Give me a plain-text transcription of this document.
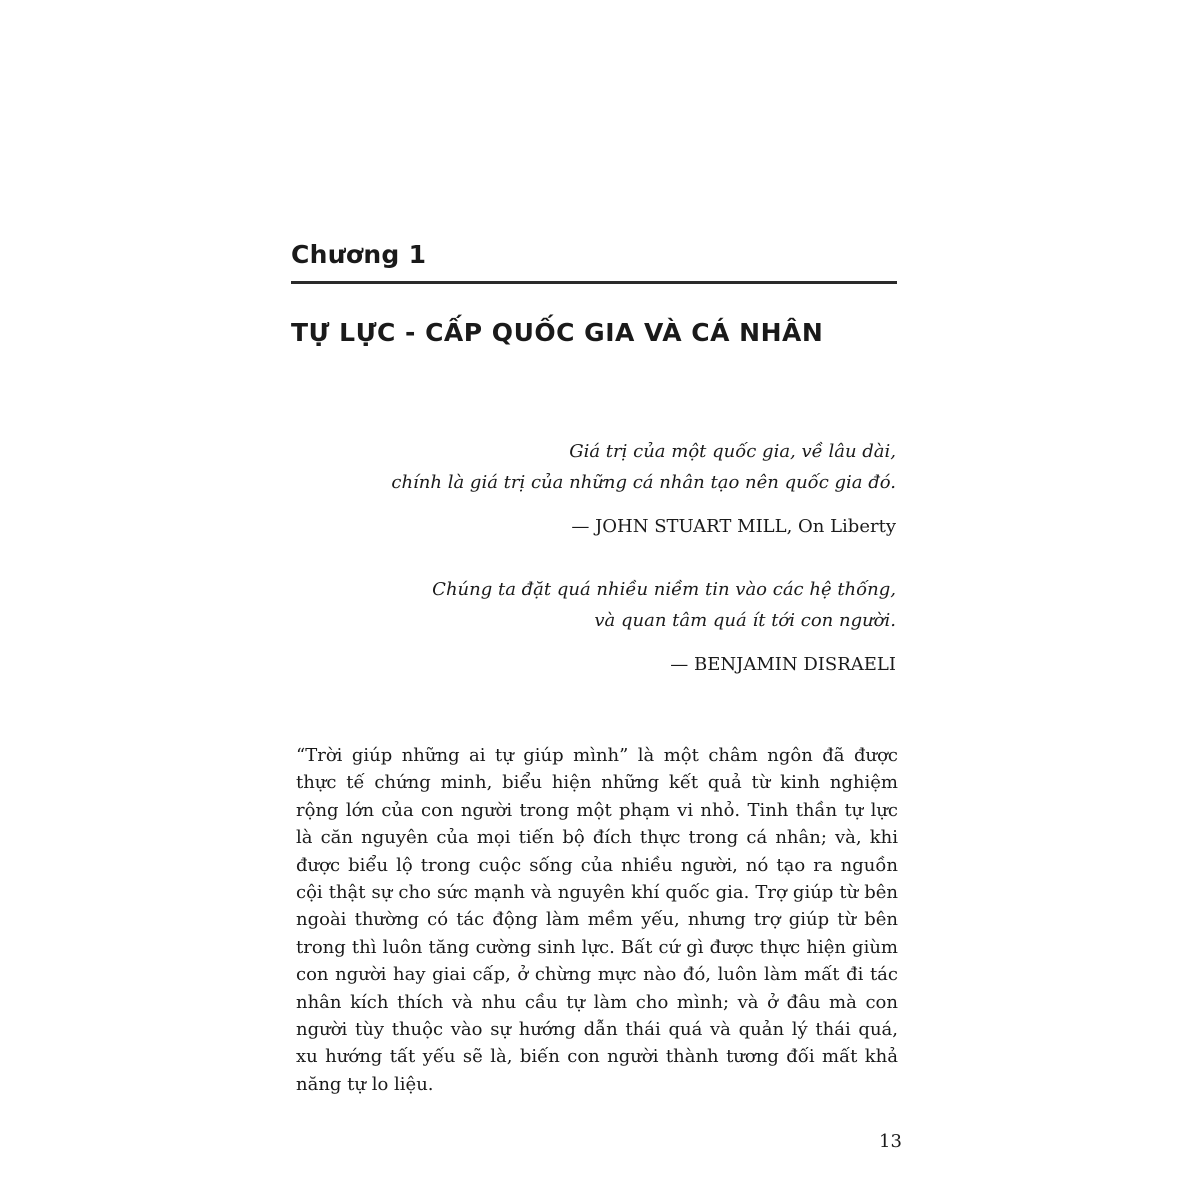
Chương 1
TỰ LỰC - CẤP QUỐC GIA VÀ CÁ NHÂN

Giá trị của một quốc gia, về lâu dài,
chính là giá trị của những cá nhân tạo nên quốc gia đó.

— JOHN STUART MILL, On Liberty

Chúng ta đặt quá nhiều niềm tin vào các hệ thống,
và quan tâm quá ít tới con người.

— BENJAMIN DISRAELI

“Trời giúp những ai tự giúp mình” là một châm ngôn đã được
thực tế chứng minh, biểu hiện những kết quả từ kinh nghiệm
rộng lớn của con người trong một phạm vi nhỏ. Tinh thần tự lực
là căn nguyên của mọi tiến bộ đích thực trong cá nhân; và, khi
được biểu lộ trong cuộc sống của nhiều người, nó tạo ra nguồn
cội thật sự cho sức mạnh và nguyên khí quốc gia. Trợ giúp từ bên
ngoài thường có tác động làm mềm yếu, nhưng trợ giúp từ bên
trong thì luôn tăng cường sinh lực. Bất cứ gì được thực hiện giùm
con người hay giai cấp, ở chừng mực nào đó, luôn làm mất đi tác
nhân kích thích và nhu cầu tự làm cho mình; và ở đâu mà con
người tùy thuộc vào sự hướng dẫn thái quá và quản lý thái quá,
xu hướng tất yếu sẽ là, biến con người thành tương đối mất khả
năng tự lo liệu.

13
